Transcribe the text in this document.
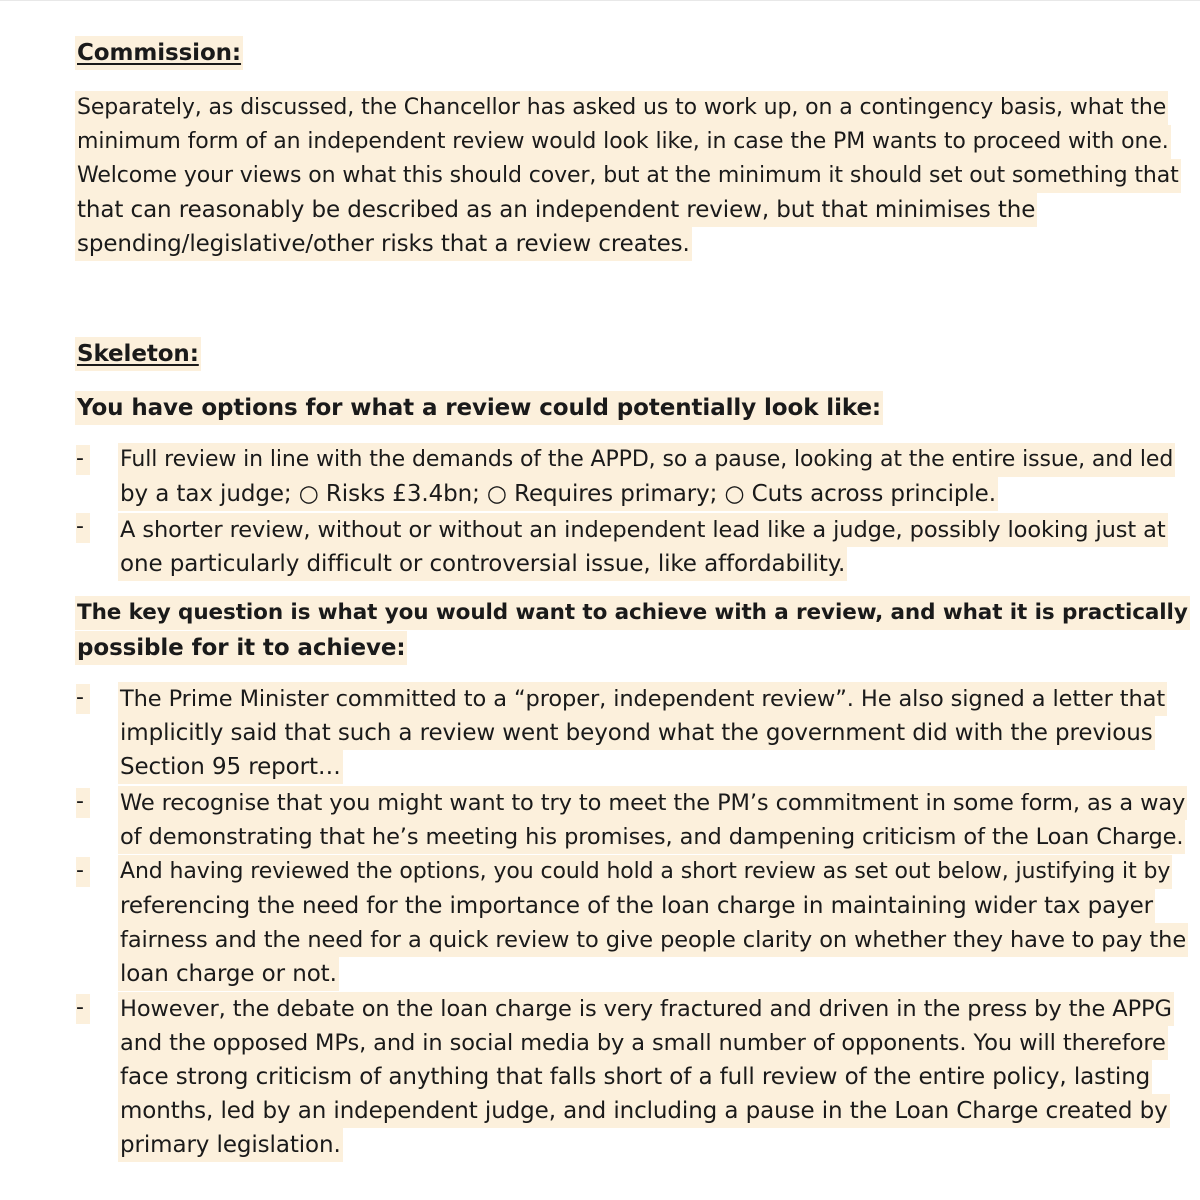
Commission:
Separately, as discussed, the Chancellor has asked us to work up, on a contingency basis, what the
minimum form of an independent review would look like, in case the PM wants to proceed with one.
Welcome your views on what this should cover, but at the minimum it should set out something that
that can reasonably be described as an independent review, but that minimises the
spending/legislative/other risks that a review creates.
Skeleton:
You have options for what a review could potentially look like:
- Full review in line with the demands of the APPD, so a pause, looking at the entire issue, and led
by a tax judge; ○ Risks £3.4bn; ○ Requires primary; ○ Cuts across principle.
- A shorter review, without or without an independent lead like a judge, possibly looking just at
one particularly difficult or controversial issue, like affordability.
The key question is what you would want to achieve with a review, and what it is practically
possible for it to achieve:
- The Prime Minister committed to a “proper, independent review”. He also signed a letter that
implicitly said that such a review went beyond what the government did with the previous
Section 95 report…
- We recognise that you might want to try to meet the PM’s commitment in some form, as a way
of demonstrating that he’s meeting his promises, and dampening criticism of the Loan Charge.
- And having reviewed the options, you could hold a short review as set out below, justifying it by
referencing the need for the importance of the loan charge in maintaining wider tax payer
fairness and the need for a quick review to give people clarity on whether they have to pay the
loan charge or not.
- However, the debate on the loan charge is very fractured and driven in the press by the APPG
and the opposed MPs, and in social media by a small number of opponents. You will therefore
face strong criticism of anything that falls short of a full review of the entire policy, lasting
months, led by an independent judge, and including a pause in the Loan Charge created by
primary legislation.
